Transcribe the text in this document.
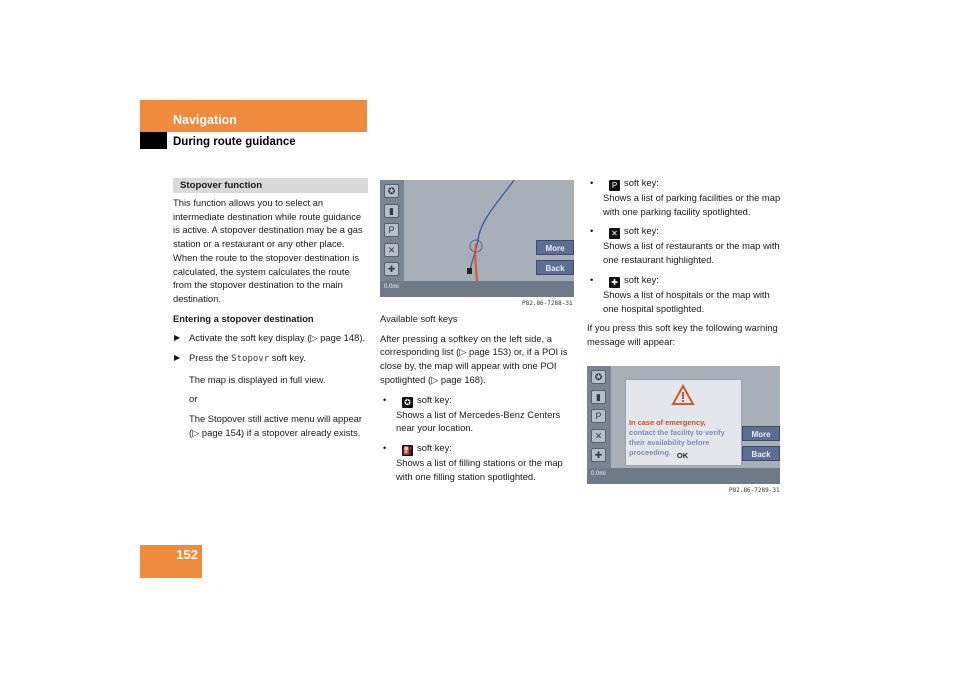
Navigation
During route guidance
Stopover function

This function allows you to select an intermediate destination while route guidance is active. A stopover destination may be a gas station or a restaurant or any other place. When the route to the stopover destination is calculated, the system calculates the route from the stopover destination to the main destination.

Entering a stopover destination

▶ Activate the soft key display (▷ page 148).

▶ Press the Stopovr soft key.

The map is displayed in full view.

or

The Stopover still active menu will appear (▷ page 154) if a stopover already exists.

✪
▮
P
✕
✚
More
Back
0.0mi
P82.86-7288-31

Available soft keys

After pressing a softkey on the left side, a corresponding list (▷ page 153) or, if a POI is close by, the map will appear with one POI spotlighted (▷ page 168).

• ✪ soft key:
Shows a list of Mercedes-Benz Centers near your location.
• ⛽ soft key:
Shows a list of filling stations or the map with one filling station spotlighted.
• P soft key:
Shows a list of parking facilities or the map with one parking facility spotlighted.
• ✕ soft key:
Shows a list of restaurants or the map with one restaurant highlighted.
• ✚ soft key:
Shows a list of hospitals or the map with one hospital spotlighted.

If you press this soft key the following warning message will appear:

✪
▮
P
✕
✚
In case of emergency,
contact the facility to verify their availability before proceeding. OK
More
Back
0.0mi
P82.86-7289-31
152
